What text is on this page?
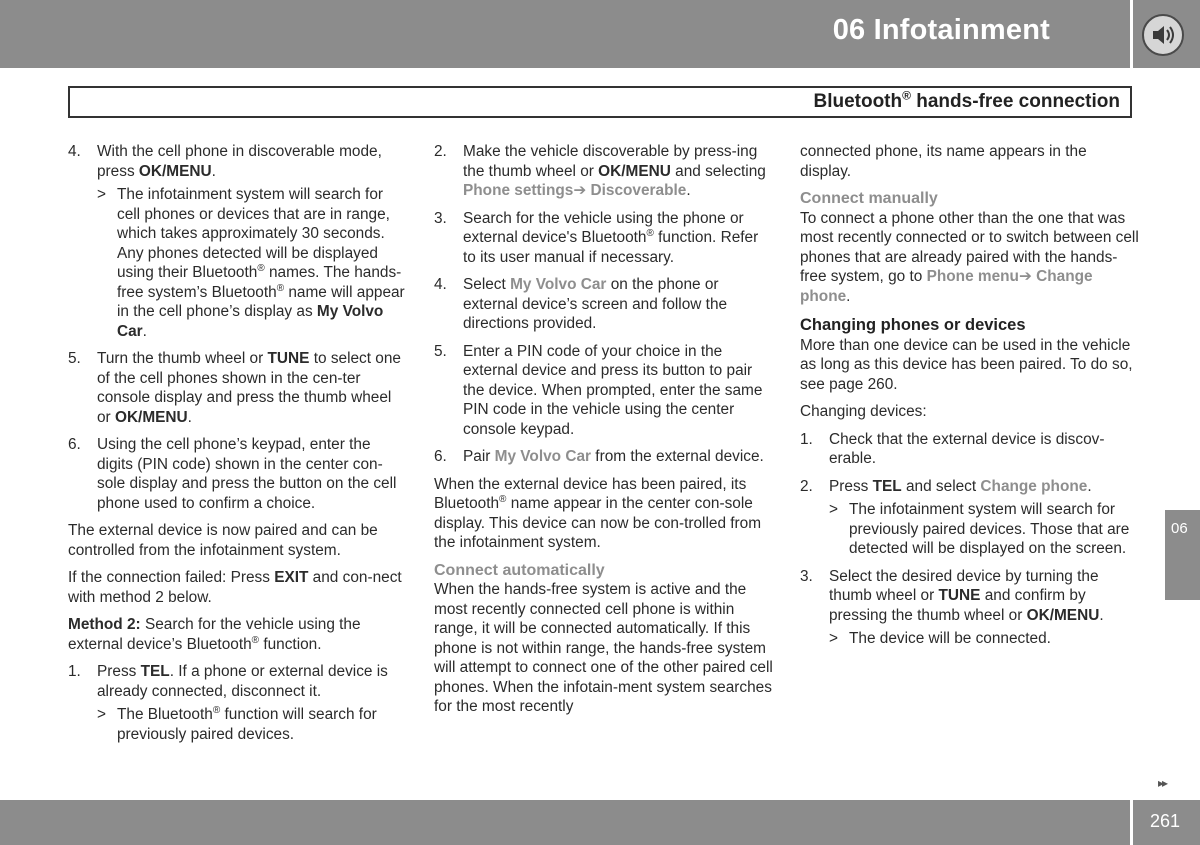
06 Infotainment
Bluetooth® hands-free connection
4.	With the cell phone in discoverable mode, press OK/MENU.
> The infotainment system will search for cell phones or devices that are in range, which takes approximately 30 seconds. Any phones detected will be displayed using their Bluetooth® names. The hands-free system’s Bluetooth® name will appear in the cell phone’s display as My Volvo Car.
5.	Turn the thumb wheel or TUNE to select one of the cell phones shown in the cen-ter console display and press the thumb wheel or OK/MENU.
6.	Using the cell phone’s keypad, enter the digits (PIN code) shown in the center con-sole display and press the button on the cell phone used to confirm a choice.

The external device is now paired and can be controlled from the infotainment system.

If the connection failed: Press EXIT and con-nect with method 2 below.

Method 2: Search for the vehicle using the external device’s Bluetooth® function.

1.	Press TEL. If a phone or external device is already connected, disconnect it.
> The Bluetooth® function will search for previously paired devices.
2.	Make the vehicle discoverable by press-ing the thumb wheel or OK/MENU and selecting Phone settings➔ Discoverable.
3.	Search for the vehicle using the phone or external device's Bluetooth® function. Refer to its user manual if necessary.
4.	Select My Volvo Car on the phone or external device’s screen and follow the directions provided.
5.	Enter a PIN code of your choice in the external device and press its button to pair the device. When prompted, enter the same PIN code in the vehicle using the center console keypad.
6.	Pair My Volvo Car from the external device.

When the external device has been paired, its Bluetooth® name appear in the center con-sole display. This device can now be con-trolled from the infotainment system.

Connect automatically

When the hands-free system is active and the most recently connected cell phone is within range, it will be connected automatically. If this phone is not within range, the hands-free system will attempt to connect one of the other paired cell phones. When the infotain-ment system searches for the most recently

connected phone, its name appears in the display.

Connect manually

To connect a phone other than the one that was most recently connected or to switch between cell phones that are already paired with the hands-free system, go to Phone menu➔ Change phone.

Changing phones or devices

More than one device can be used in the vehicle as long as this device has been paired. To do so, see page 260.

Changing devices:

1.	Check that the external device is discov-erable.
2.	Press TEL and select Change phone.
> The infotainment system will search for previously paired devices. Those that are detected will be displayed on the screen.
3.	Select the desired device by turning the thumb wheel or TUNE and confirm by pressing the thumb wheel or OK/MENU.
> The device will be connected.
06
▸▸
261
